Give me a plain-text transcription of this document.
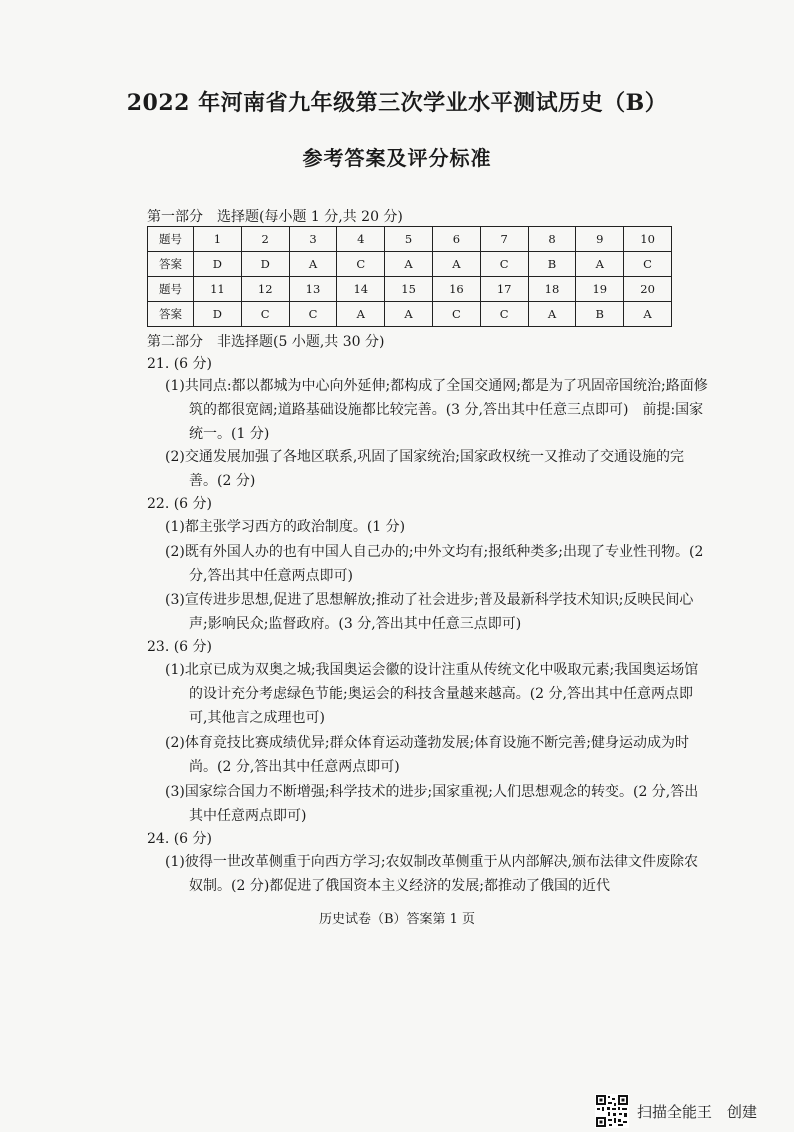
2022 年河南省九年级第三次学业水平测试历史（B）
参考答案及评分标准
第一部分　选择题(每小题 1 分,共 20 分)
题号	1	2	3	4	5	6	7	8	9	10
答案	D	D	A	C	A	A	C	B	A	C
题号	11	12	13	14	15	16	17	18	19	20
答案	D	C	C	A	A	C	C	A	B	A
第二部分　非选择题(5 小题,共 30 分)
21. (6 分)
(1)共同点:都以都城为中心向外延伸;都构成了全国交通网;都是为了巩固帝国统治;路面修筑的都很宽阔;道路基础设施都比较完善。(3 分,答出其中任意三点即可)　前提:国家统一。(1 分)
(2)交通发展加强了各地区联系,巩固了国家统治;国家政权统一又推动了交通设施的完善。(2 分)
22. (6 分)
(1)都主张学习西方的政治制度。(1 分)
(2)既有外国人办的也有中国人自己办的;中外文均有;报纸种类多;出现了专业性刊物。(2 分,答出其中任意两点即可)
(3)宣传进步思想,促进了思想解放;推动了社会进步;普及最新科学技术知识;反映民间心声;影响民众;监督政府。(3 分,答出其中任意三点即可)
23. (6 分)
(1)北京已成为双奥之城;我国奥运会徽的设计注重从传统文化中吸取元素;我国奥运场馆的设计充分考虑绿色节能;奥运会的科技含量越来越高。(2 分,答出其中任意两点即可,其他言之成理也可)
(2)体育竞技比赛成绩优异;群众体育运动蓬勃发展;体育设施不断完善;健身运动成为时尚。(2 分,答出其中任意两点即可)
(3)国家综合国力不断增强;科学技术的进步;国家重视;人们思想观念的转变。(2 分,答出其中任意两点即可)
24. (6 分)
(1)彼得一世改革侧重于向西方学习;农奴制改革侧重于从内部解决,颁布法律文件废除农奴制。(2 分)都促进了俄国资本主义经济的发展;都推动了俄国的近代
历史试卷（B）答案第 1 页
扫描全能王　创建
